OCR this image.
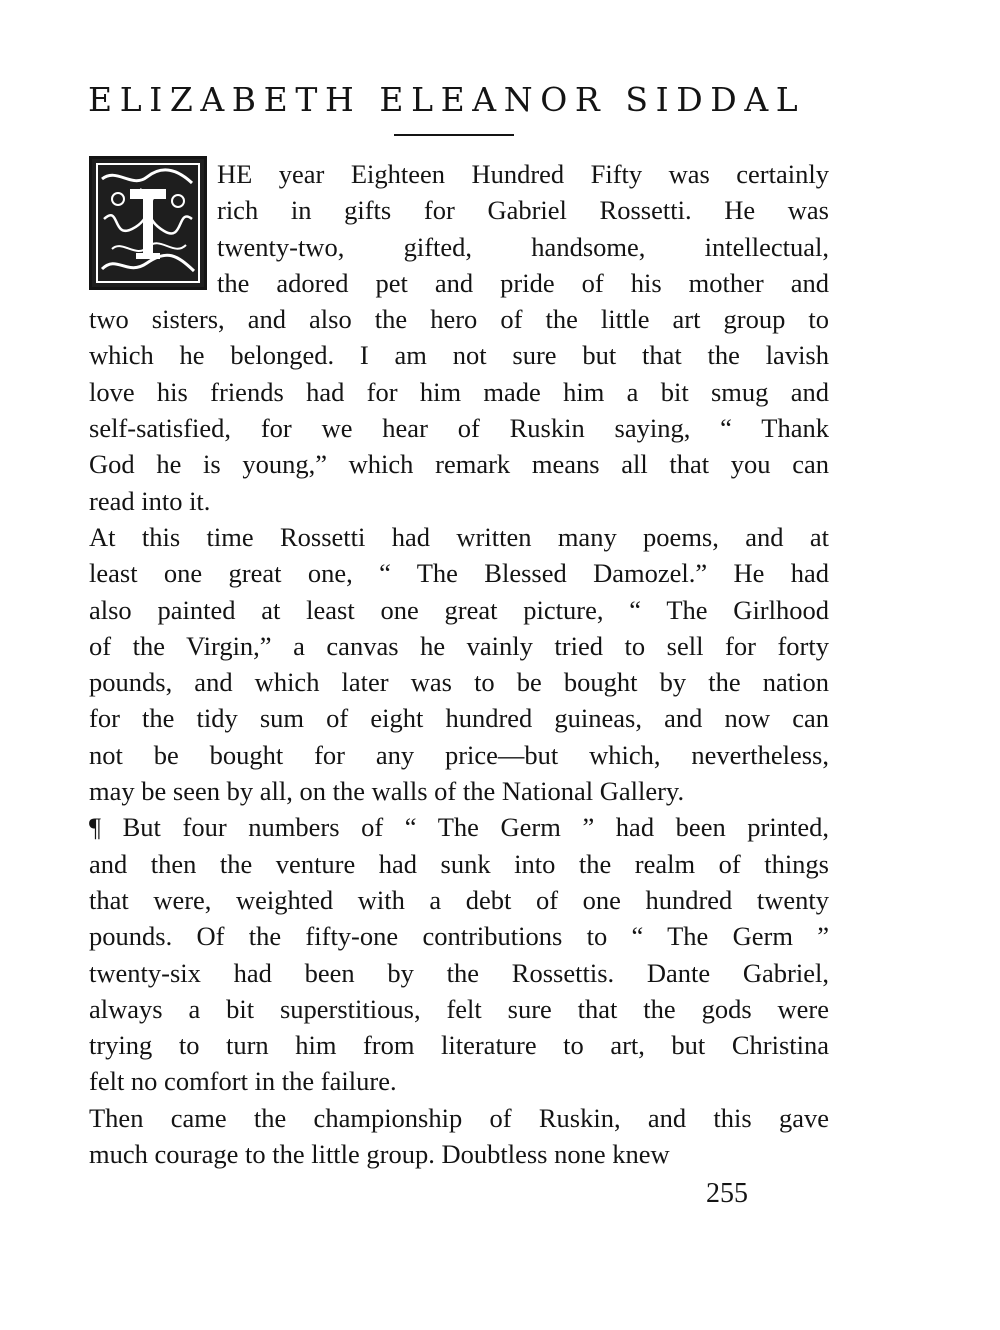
ELIZABETH ELEANOR SIDDAL
HE year Eighteen Hundred Fifty was certainly
rich in gifts for Gabriel Rossetti. He was
twenty-two, gifted, handsome, intellectual,
the adored pet and pride of his mother and
two sisters, and also the hero of the little art group to
which he belonged. I am not sure but that the lavish
love his friends had for him made him a bit smug and
self-satisfied, for we hear of Ruskin saying, “ Thank
God he is young,” which remark means all that you can
read into it.
At this time Rossetti had written many poems, and at
least one great one, “ The Blessed Damozel.” He had
also painted at least one great picture, “ The Girlhood
of the Virgin,” a canvas he vainly tried to sell for forty
pounds, and which later was to be bought by the nation
for the tidy sum of eight hundred guineas, and now can
not be bought for any price—but which, nevertheless,
may be seen by all, on the walls of the National Gallery.
¶ But four numbers of “ The Germ ” had been printed,
and then the venture had sunk into the realm of things
that were, weighted with a debt of one hundred twenty
pounds. Of the fifty-one contributions to “ The Germ ”
twenty-six had been by the Rossettis. Dante Gabriel,
always a bit superstitious, felt sure that the gods were
trying to turn him from literature to art, but Christina
felt no comfort in the failure.
Then came the championship of Ruskin, and this gave
much courage to the little group. Doubtless none knew
255
